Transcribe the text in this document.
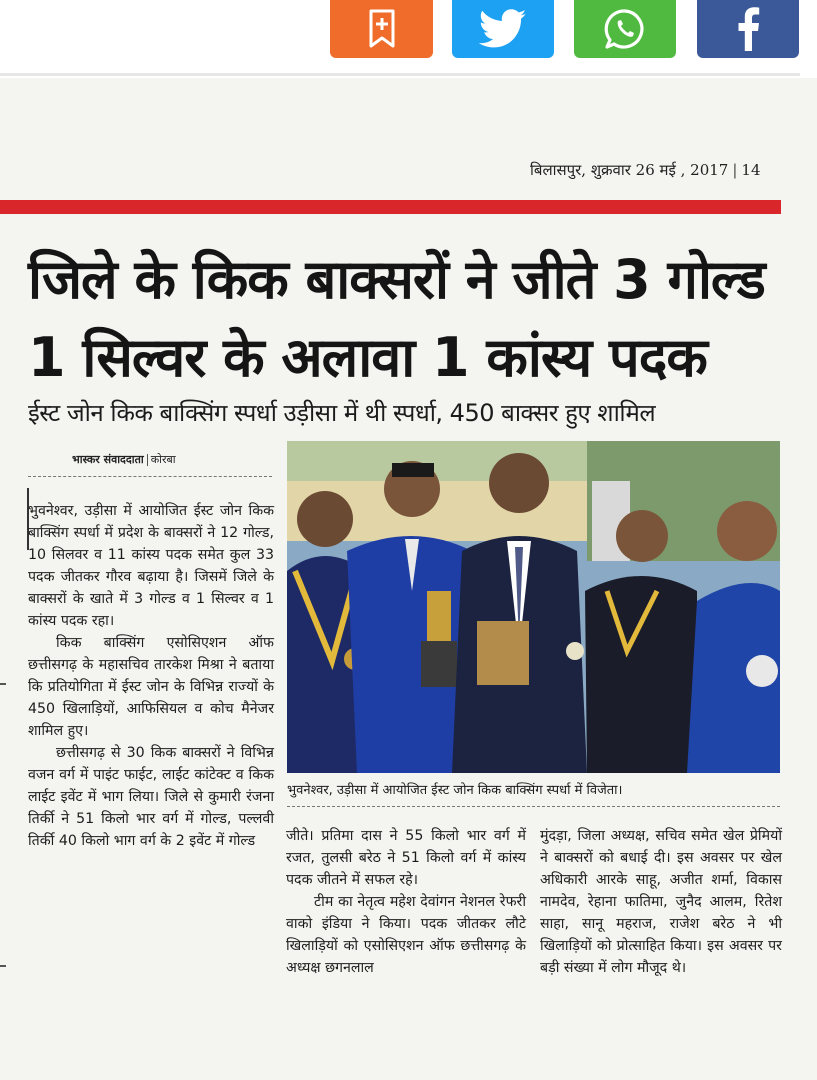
बिलासपुर, शुक्रवार 26 मई , 2017 | 14
जिले के किक बाक्सरों ने जीते 3 गोल्ड
1 सिल्वर के अलावा 1 कांस्य पदक
ईस्ट जोन किक बाक्सिंग स्पर्धा उड़ीसा में थी स्पर्धा, 450 बाक्सर हुए शामिल
भास्कर संवाददाता कोरबा

भुवनेश्वर, उड़ीसा में आयोजित ईस्ट जोन किक बाक्सिंग स्पर्धा में प्रदेश के बाक्सरों ने 12 गोल्ड, 10 सिलवर व 11 कांस्य पदक समेत कुल 33 पदक जीतकर गौरव बढ़ाया है। जिसमें जिले के बाक्सरों के खाते में 3 गोल्ड व 1 सिल्वर व 1 कांस्य पदक रहा।

किक बाक्सिंग एसोसिएशन ऑफ छत्तीसगढ़ के महासचिव तारकेश मिश्रा ने बताया कि प्रतियोगिता में ईस्ट जोन के विभिन्न राज्यों के 450 खिलाड़ियों, आफिसियल व कोच मैनेजर शामिल हुए।

छत्तीसगढ़ से 30 किक बाक्सरों ने विभिन्न वजन वर्ग में पाइंट फाईट, लाईट कांटेक्ट व किक लाईट इवेंट में भाग लिया। जिले से कुमारी रंजना तिर्की ने 51 किलो भार वर्ग में गोल्ड, पल्लवी तिर्की 40 किलो भाग वर्ग के 2 इवेंट में गोल्ड

भुवनेश्वर, उड़ीसा में आयोजित ईस्ट जोन किक बाक्सिंग स्पर्धा में विजेता।

जीते। प्रतिमा दास ने 55 किलो भार वर्ग में रजत, तुलसी बरेठ ने 51 किलो वर्ग में कांस्य पदक जीतने में सफल रहे।

टीम का नेतृत्व महेश देवांगन नेशनल रेफरी वाको इंडिया ने किया। पदक जीतकर लौटे खिलाड़ियों को एसोसिएशन ऑफ छत्तीसगढ़ के अध्यक्ष छगनलाल

मुंदड़ा, जिला अध्यक्ष, सचिव समेत खेल प्रेमियों ने बाक्सरों को बधाई दी। इस अवसर पर खेल अधिकारी आरके साहू, अजीत शर्मा, विकास नामदेव, रेहाना फातिमा, जुनैद आलम, रितेश साहा, सानू महराज, राजेश बरेठ ने भी खिलाड़ियों को प्रोत्साहित किया। इस अवसर पर बड़ी संख्या में लोग मौजूद थे।
